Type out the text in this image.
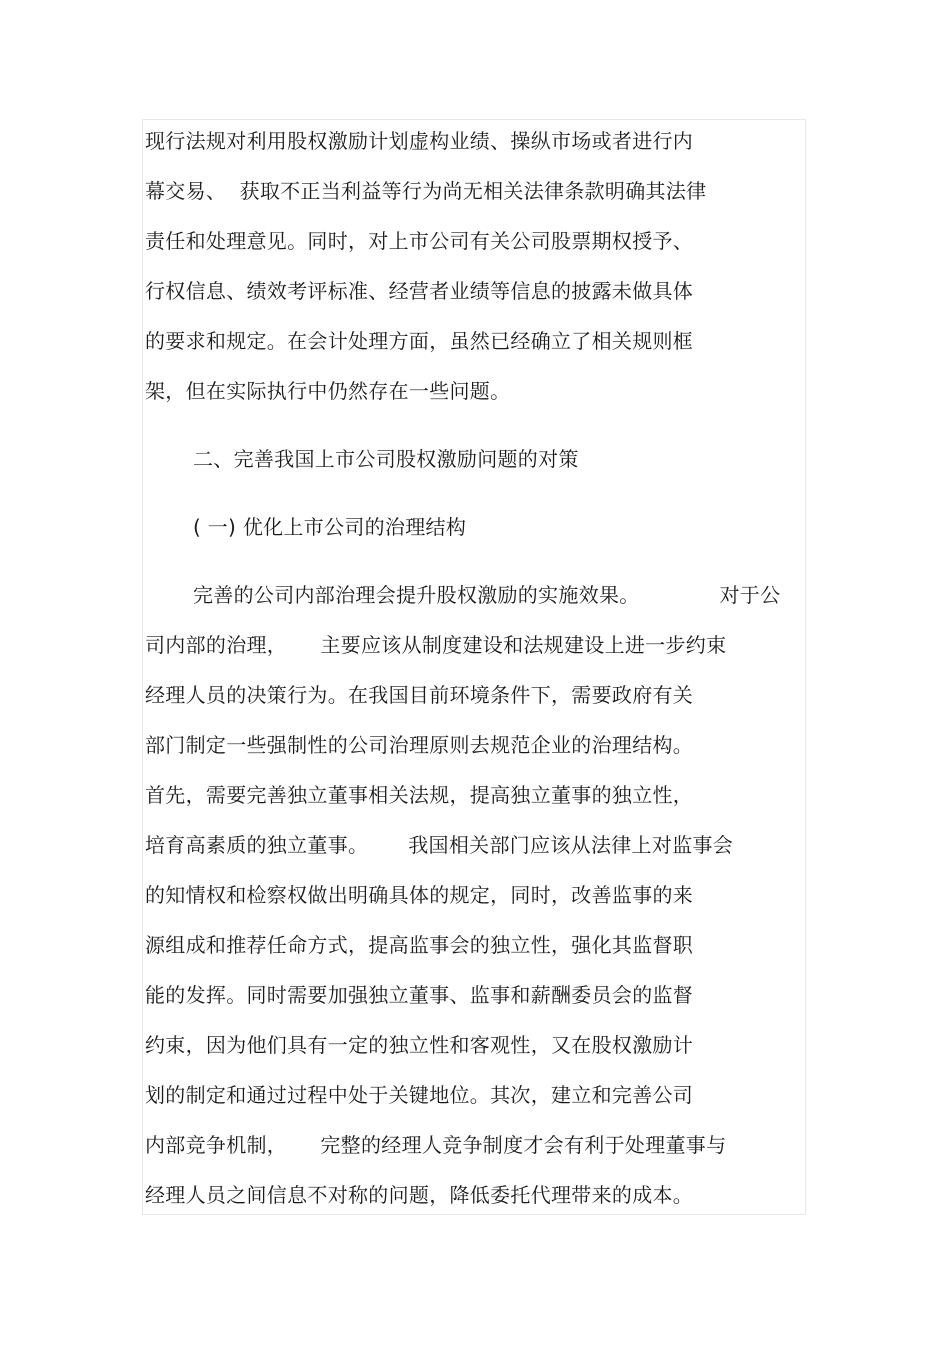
现行法规对利用股权激励计划虚构业绩、操纵市场或者进行内
幕交易、  获取不正当利益等行为尚无相关法律条款明确其法律
责任和处理意见。同时，对上市公司有关公司股票期权授予、
行权信息、绩效考评标准、经营者业绩等信息的披露未做具体
的要求和规定。在会计处理方面，虽然已经确立了相关规则框
架，但在实际执行中仍然存在一些问题。
二、完善我国上市公司股权激励问题的对策
( 一) 优化上市公司的治理结构
完善的公司内部治理会提升股权激励的实施效果。            对于公
司内部的治理，     主要应该从制度建设和法规建设上进一步约束
经理人员的决策行为。在我国目前环境条件下，需要政府有关
部门制定一些强制性的公司治理原则去规范企业的治理结构。
首先，需要完善独立董事相关法规，提高独立董事的独立性，
培育高素质的独立董事。      我国相关部门应该从法律上对监事会
的知情权和检察权做出明确具体的规定，同时，改善监事的来
源组成和推荐任命方式，提高监事会的独立性，强化其监督职
能的发挥。同时需要加强独立董事、监事和薪酬委员会的监督
约束，因为他们具有一定的独立性和客观性，又在股权激励计
划的制定和通过过程中处于关键地位。其次，建立和完善公司
内部竞争机制，     完整的经理人竞争制度才会有利于处理董事与
经理人员之间信息不对称的问题，降低委托代理带来的成本。
